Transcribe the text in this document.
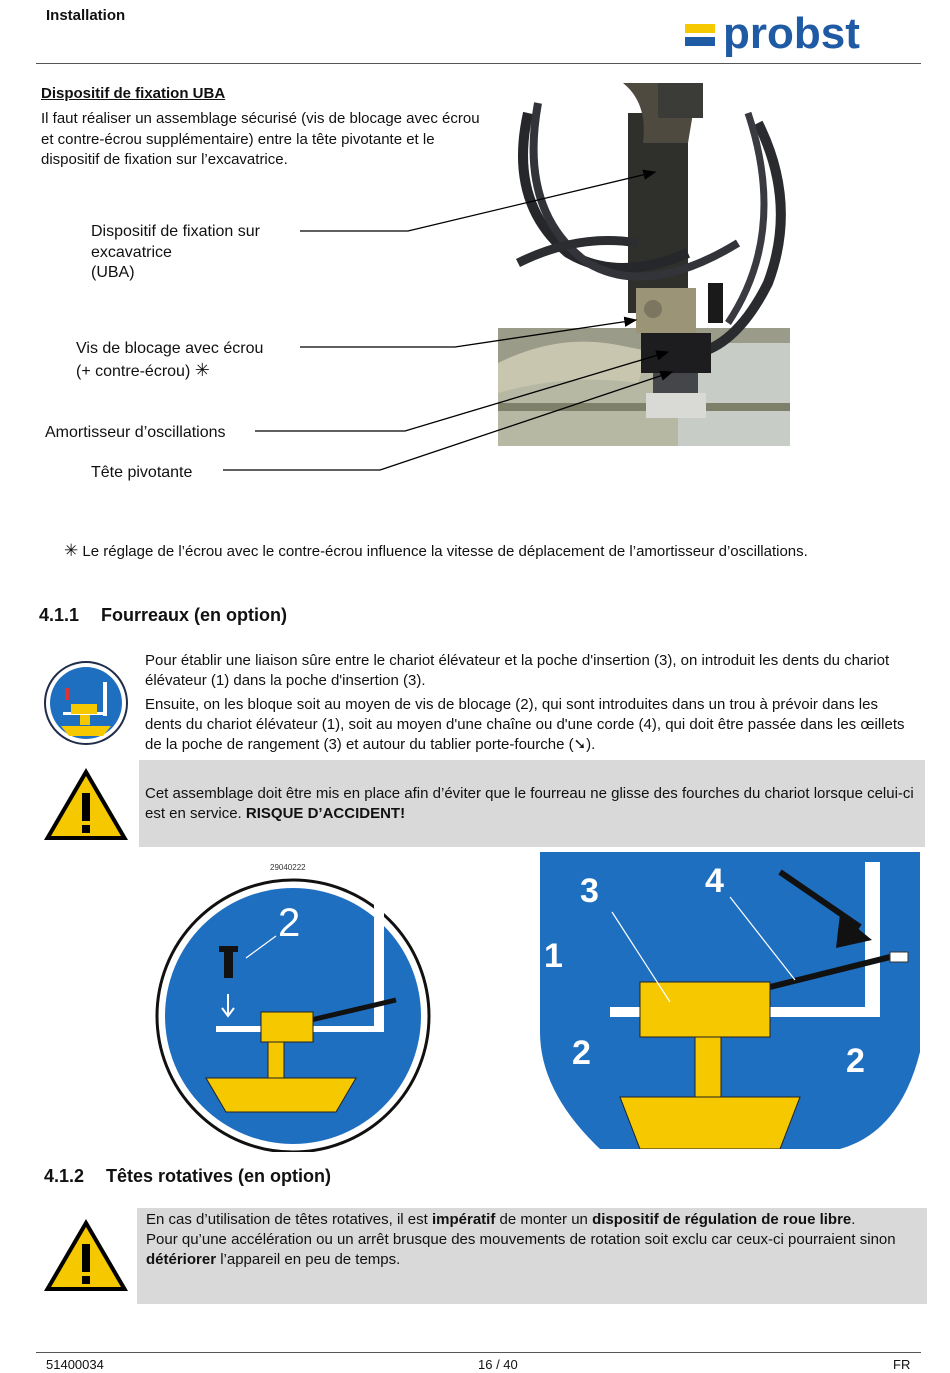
Installation	probst
Dispositif de fixation UBA
Il faut réaliser un assemblage sécurisé (vis de blocage avec écrou et contre-écrou supplémentaire) entre la tête pivotante et le dispositif de fixation sur l’excavatrice.
Dispositif de fixation sur
excavatrice
(UBA)
Vis de blocage avec écrou
(+ contre-écrou) ✳
Amortisseur d’oscillations
Tête pivotante
✳ Le réglage de l’écrou avec le contre-écrou influence la vitesse de déplacement de l’amortisseur d’oscillations.
4.1.1 Fourreaux (en option)
Pour établir une liaison sûre entre le chariot élévateur et la poche d'insertion (3), on introduit les dents du chariot élévateur (1) dans la poche d'insertion (3).
Ensuite, on les bloque soit au moyen de vis de blocage (2), qui sont introduites dans un trou à prévoir dans les dents du chariot élévateur (1), soit au moyen d'une chaîne ou d'une corde (4), qui doit être passée dans les œillets de la poche de rangement (3) et autour du tablier porte-fourche (➘).
Cet assemblage doit être mis en place afin d’éviter que le fourreau ne glisse des fourches du chariot lorsque celui-ci est en service. RISQUE D’ACCIDENT!
29040222
2
3	4
1
2	2
4.1.2 Têtes rotatives (en option)
En cas d’utilisation de têtes rotatives, il est impératif de monter un dispositif de régulation de roue libre.
Pour qu’une accélération ou un arrêt brusque des mouvements de rotation soit exclu car ceux-ci pourraient sinon détériorer l’appareil en peu de temps.
51400034	16 / 40	FR
